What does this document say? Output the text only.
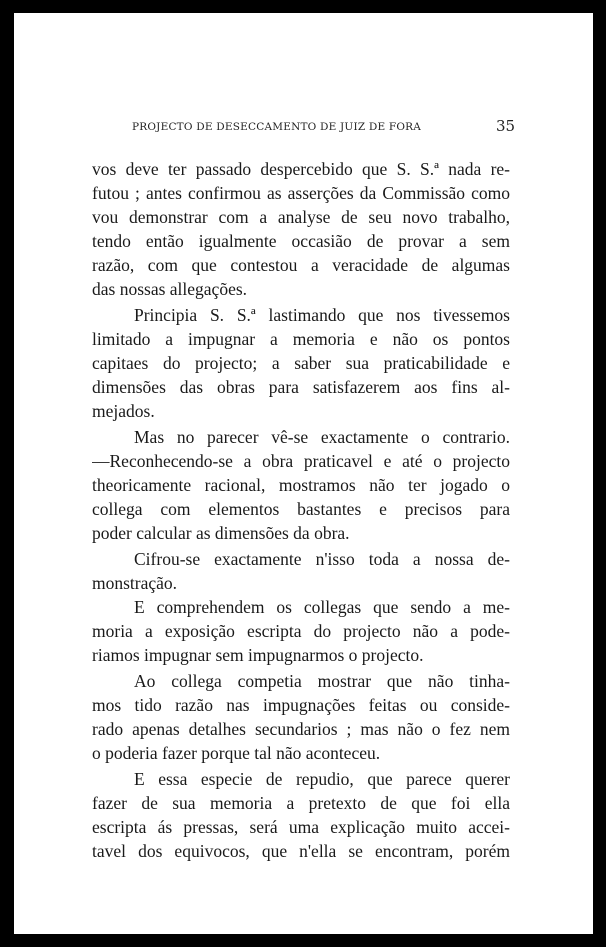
PROJECTO DE DESECCAMENTO DE JUIZ DE FORA	35
vos deve ter passado despercebido que S. S.ª nada re-
futou ; antes confirmou as asserções da Commissão como
vou demonstrar com a analyse de seu novo trabalho,
tendo então igualmente occasião de provar a sem
razão, com que contestou a veracidade de algumas
das nossas allegações.
Principia S. S.ª lastimando que nos tivessemos
limitado a impugnar a memoria e não os pontos
capitaes do projecto; a saber sua praticabilidade e
dimensões das obras para satisfazerem aos fins al-
mejados.
Mas no parecer vê-se exactamente o contrario.
—Reconhecendo-se a obra praticavel e até o projecto
theoricamente racional, mostramos não ter jogado o
collega com elementos bastantes e precisos para
poder calcular as dimensões da obra.
Cifrou-se exactamente n'isso toda a nossa de-
monstração.
E comprehendem os collegas que sendo a me-
moria a exposição escripta do projecto não a pode-
riamos impugnar sem impugnarmos o projecto.
Ao collega competia mostrar que não tinha-
mos tido razão nas impugnações feitas ou conside-
rado apenas detalhes secundarios ; mas não o fez nem
o poderia fazer porque tal não aconteceu.
E essa especie de repudio, que parece querer
fazer de sua memoria a pretexto de que foi ella
escripta ás pressas, será uma explicação muito accei-
tavel dos equivocos, que n'ella se encontram, porém
